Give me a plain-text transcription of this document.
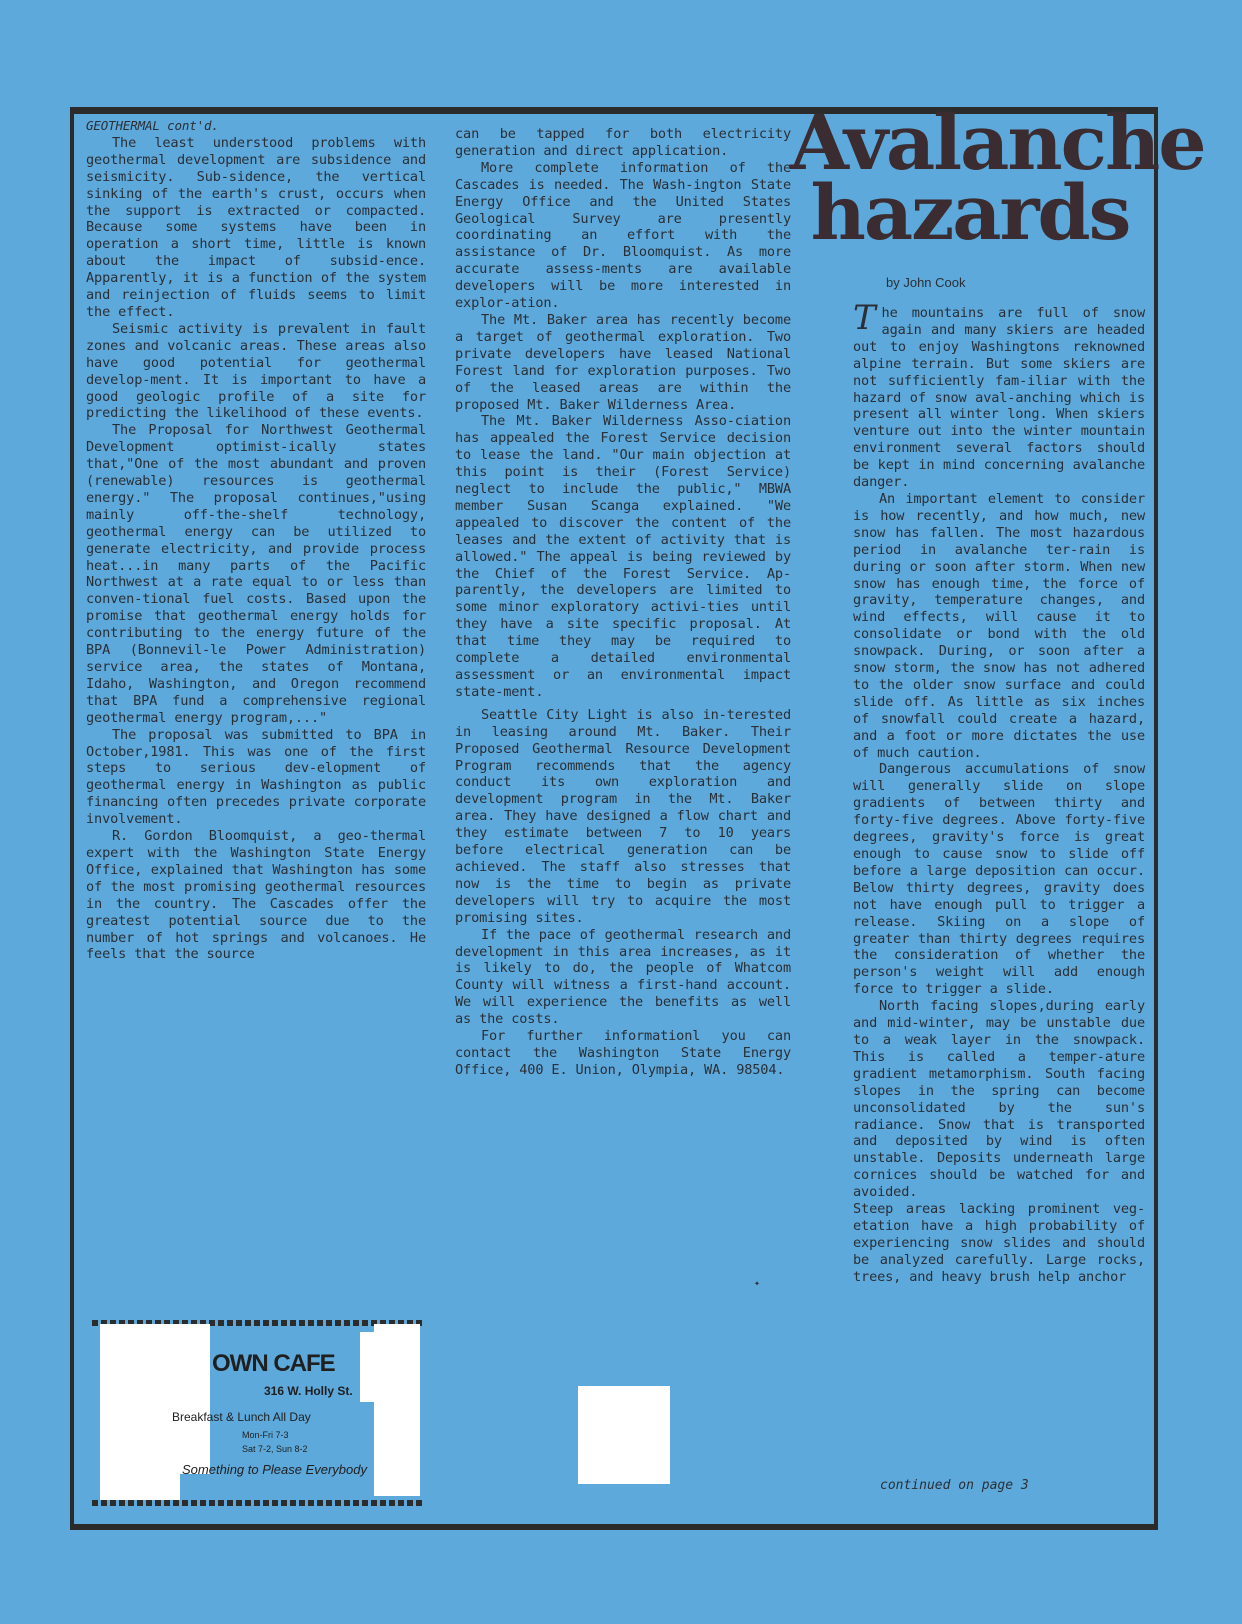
GEOTHERMAL cont'd.

The least understood problems with geothermal development are subsidence and seismicity. Sub-sidence, the vertical sinking of the earth's crust, occurs when the support is extracted or compacted. Because some systems have been in operation a short time, little is known about the impact of subsid-ence. Apparently, it is a function of the system and reinjection of fluids seems to limit the effect.

Seismic activity is prevalent in fault zones and volcanic areas. These areas also have good potential for geothermal develop-ment. It is important to have a good geologic profile of a site for predicting the likelihood of these events.

The Proposal for Northwest Geothermal Development optimist-ically states that,"One of the most abundant and proven (renewable) resources is geothermal energy." The proposal continues,"using mainly off-the-shelf technology, geothermal energy can be utilized to generate electricity, and provide process heat...in many parts of the Pacific Northwest at a rate equal to or less than conven-tional fuel costs. Based upon the promise that geothermal energy holds for contributing to the energy future of the BPA (Bonnevil-le Power Administration) service area, the states of Montana, Idaho, Washington, and Oregon recommend that BPA fund a comprehensive regional geothermal energy program,..."

The proposal was submitted to BPA in October,1981. This was one of the first steps to serious dev-elopment of geothermal energy in Washington as public financing often precedes private corporate involvement.

R. Gordon Bloomquist, a geo-thermal expert with the Washington State Energy Office, explained that Washington has some of the most promising geothermal resources in the country. The Cascades offer the greatest potential source due to the number of hot springs and volcanoes. He feels that the source

OWN CAFE
316 W. Holly St.
Breakfast & Lunch All Day
Mon-Fri 7-3
Sat 7-2, Sun 8-2
Something to Please Everybody

can be tapped for both electricity generation and direct application.

More complete information of the Cascades is needed. The Wash-ington State Energy Office and the United States Geological Survey are presently coordinating an effort with the assistance of Dr. Bloomquist. As more accurate assess-ments are available developers will be more interested in explor-ation.

The Mt. Baker area has recently become a target of geothermal exploration. Two private developers have leased National Forest land for exploration purposes. Two of the leased areas are within the proposed Mt. Baker Wilderness Area.

The Mt. Baker Wilderness Asso-ciation has appealed the Forest Service decision to lease the land. "Our main objection at this point is their (Forest Service) neglect to include the public," MBWA member Susan Scanga explained. "We appealed to discover the content of the leases and the extent of activity that is allowed." The appeal is being reviewed by the Chief of the Forest Service. Ap-parently, the developers are limited to some minor exploratory activi-ties until they have a site specific proposal. At that time they may be required to complete a detailed environmental assessment or an environmental impact state-ment.

Seattle City Light is also in-terested in leasing around Mt. Baker. Their Proposed Geothermal Resource Development Program recommends that the agency conduct its own exploration and development program in the Mt. Baker area. They have designed a flow chart and they estimate between 7 to 10 years before electrical generation can be achieved. The staff also stresses that now is the time to begin as private developers will try to acquire the most promising sites.

If the pace of geothermal research and development in this area increases, as it is likely to do, the people of Whatcom County will witness a first-hand account. We will experience the benefits as well as the costs.

For further informationl you can contact the Washington State Energy Office, 400 E. Union, Olympia, WA. 98504.

✦
Avalanche
hazards
by John Cook

The mountains are full of snow again and many skiers are headed out to enjoy Washingtons reknowned alpine terrain. But some skiers are not sufficiently fam-iliar with the hazard of snow aval-anching which is present all winter long. When skiers venture out into the winter mountain environment several factors should be kept in mind concerning avalanche danger.

An important element to consider is how recently, and how much, new snow has fallen. The most hazardous period in avalanche ter-rain is during or soon after storm. When new snow has enough time, the force of gravity, temperature changes, and wind effects, will cause it to consolidate or bond with the old snowpack. During, or soon after a snow storm, the snow has not adhered to the older snow surface and could slide off. As little as six inches of snowfall could create a hazard, and a foot or more dictates the use of much caution.

Dangerous accumulations of snow will generally slide on slope gradients of between thirty and forty-five degrees. Above forty-five degrees, gravity's force is great enough to cause snow to slide off before a large deposition can occur. Below thirty degrees, gravity does not have enough pull to trigger a release. Skiing on a slope of greater than thirty degrees requires the consideration of whether the person's weight will add enough force to trigger a slide.

North facing slopes,during early and mid-winter, may be unstable due to a weak layer in the snowpack. This is called a temper-ature gradient metamorphism. South facing slopes in the spring can become unconsolidated by the sun's radiance. Snow that is transported and deposited by wind is often unstable. Deposits underneath large cornices should be watched for and avoided.

Steep areas lacking prominent veg-etation have a high probability of experiencing snow slides and should be analyzed carefully. Large rocks, trees, and heavy brush help anchor

continued on page 3
